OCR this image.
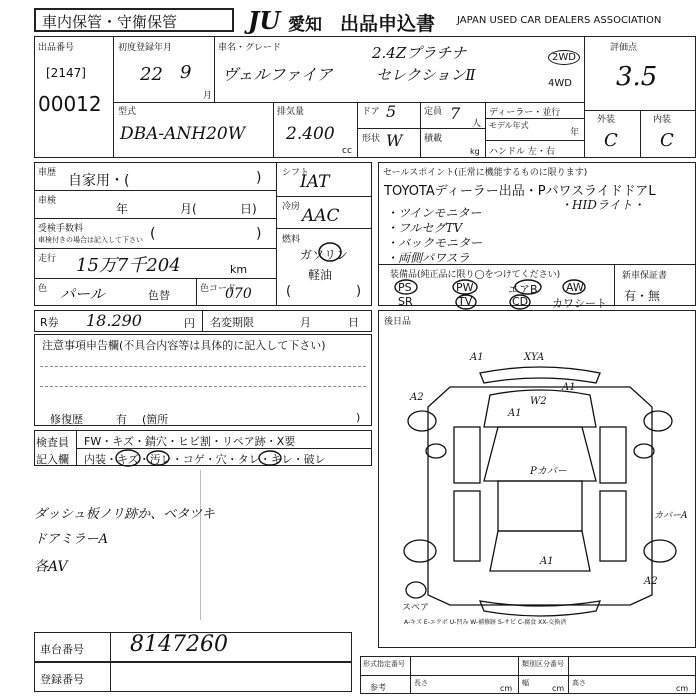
車内保管・守衛保管	JU 愛知 出品申込書 JAPAN USED CAR DEALERS ASSOCIATION
出品番号
[2147]
00012
初度登録年月
22 9
月
車名・グレード
ヴェルファイア
2.4Zプラチナ
セレクションⅡ
2WD
4WD
評価点
3.5
外装	内装
C C
型式
DBA-ANH20W
排気量
2.400
cc
ドア 5
形状 W
定員 7
人
積載
kg
ディーラー・並行
モデル年式
年
ハンドル 左・右
車歴 自家用・(	)
車検
年	月(	日)
受検手数料
車検付きの場合は記入して下さい (	)
走行 15万7千204	km
色 パール	色替	色コード
070
シフト
IAT
冷房 AAC
燃料
ガソリン
軽油
(	)
セールスポイント(正常に機能するものに限ります)
TOYOTAディーラー出品・PパワスライドドアL
・HIDライト・
・ツインモニター
・フルセグTV
・バックモニター
・両側パワスラ
装備品(純正品に限り◯をつけてください)
PS	PW	エアB	AW
SR	TV	CD カワシート
新車保証書
有・無
R券 18.290	円 名変期限	月	日
注意事項申告欄(不具合内容等は具体的に記入して下さい)
修復歴	有 (箇所	)
検査員
記入欄
FW・キズ・錆穴・ヒビ割・リペア跡・X要
内装・キズ・汚レ・コゲ・穴・タレ・キレ・破レ
ダッシュ板ノリ跡か、ベタツキ
ドアミラーA
各AV
後日品
A1	XYA
A2	W2
A1
A1
Pカバー
カバーA
A1
A2
スペア
A-キズ E-エクボ U-凹み W-補修跡 S-サビ C-腐食 XX-交換済
車台番号 8147260
登録番号
形式指定番号	類別区分番号
参考	長さ
cm
幅
cm
高さ
cm
